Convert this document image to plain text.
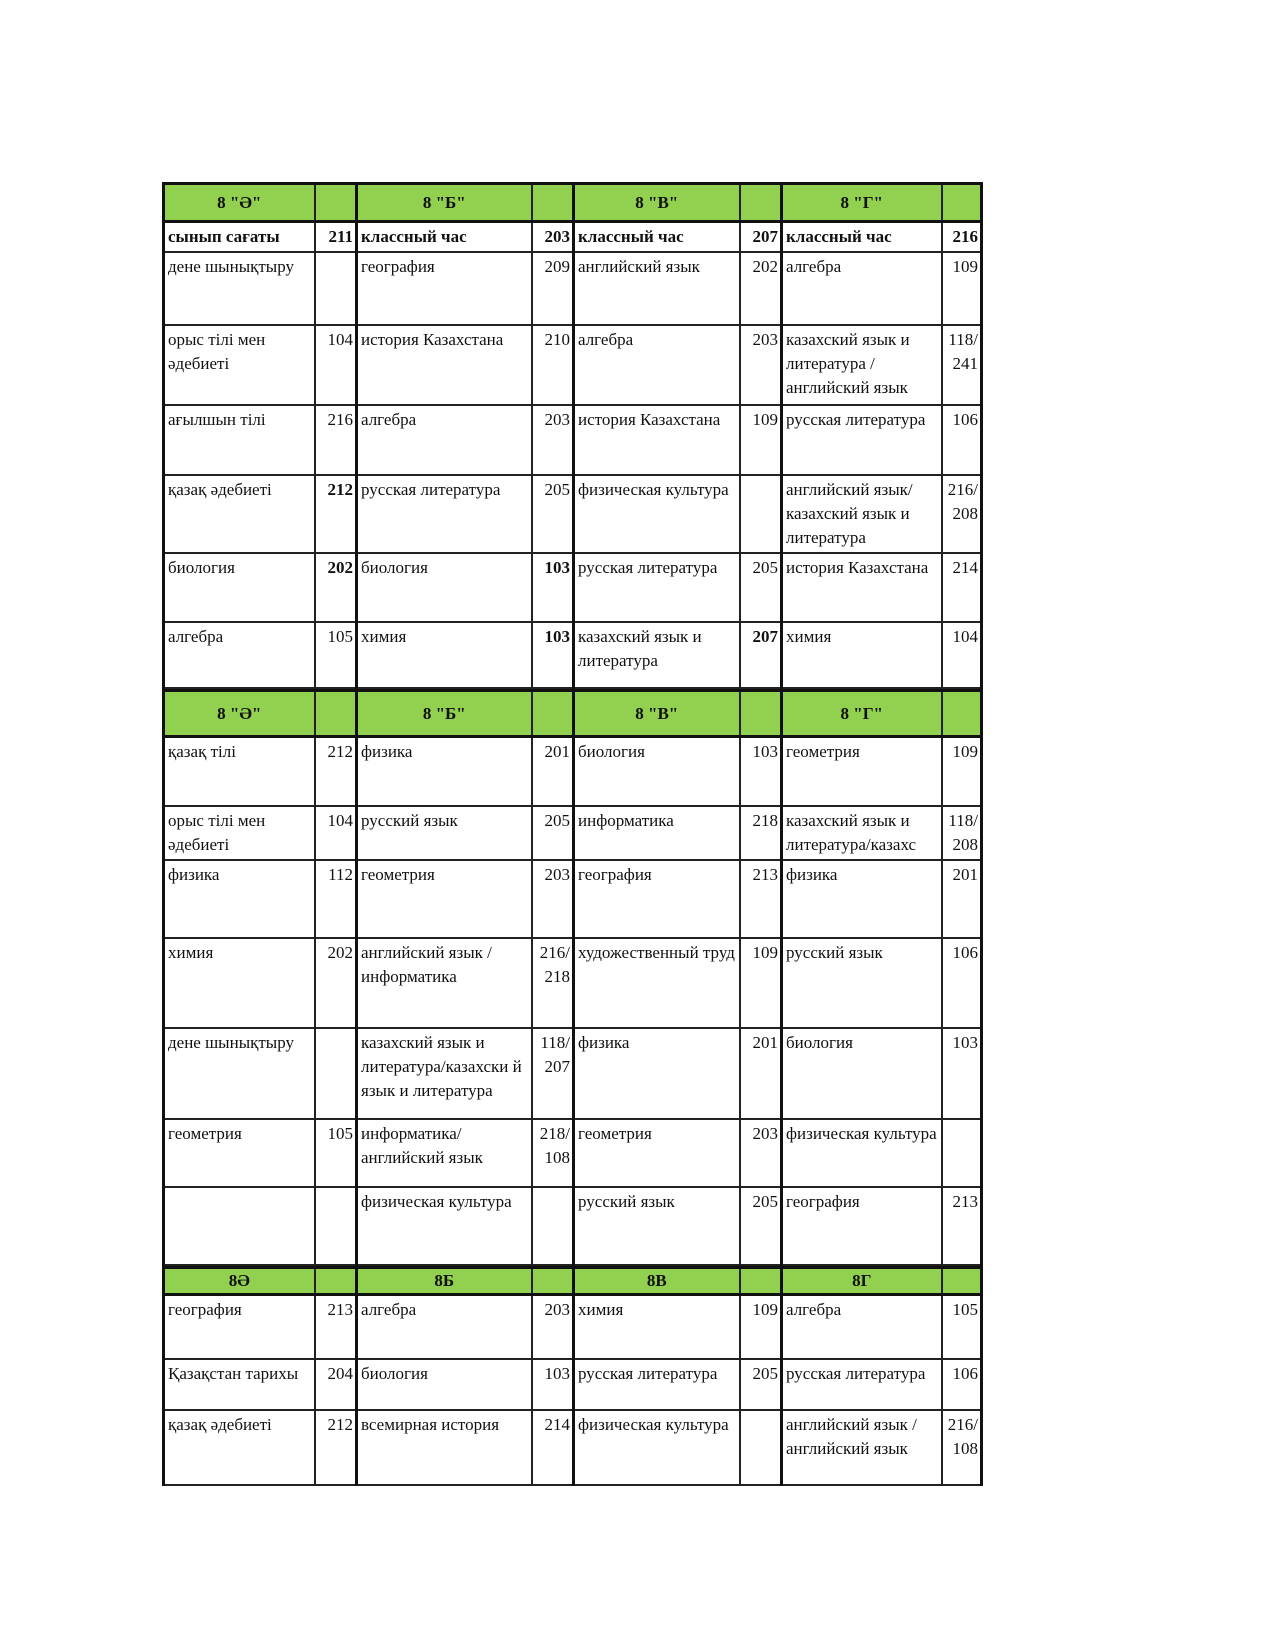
8 "Ә"		8 "Б"		8 "В"		8 "Г"	
сынып сағаты	211	классный час	203	классный час	207	классный час	216
дене шынықтыру		география	209	английский язык	202	алгебра	109
орыс тілі мен әдебиеті	104	история Казахстана	210	алгебра	203	казахский язык и литература / английский язык	118/ 241
ағылшын тілі	216	алгебра	203	история Казахстана	109	русская литература	106
қазақ әдебиеті	212	русская литература	205	физическая культура		английский язык/ казахский язык и литература	216/ 208
биология	202	биология	103	русская литература	205	история Казахстана	214
алгебра	105	химия	103	казахский язык и литература	207	химия	104
8 "Ә"		8 "Б"		8 "В"		8 "Г"	
қазақ тілі	212	физика	201	биология	103	геометрия	109
орыс тілі мен әдебиеті	104	русский язык	205	информатика	218	казахский язык и литература/казахс	118/ 208
физика	112	геометрия	203	география	213	физика	201
химия	202	английский язык / информатика	216/ 218	художественный труд	109	русский язык	106
дене шынықтыру		казахский язык и литература/казахски й язык и литература	118/ 207	физика	201	биология	103
геометрия	105	информатика/ английский язык	218/ 108	геометрия	203	физическая культура	
		физическая культура		русский язык	205	география	213
8Ә		8Б		8В		8Г	
география	213	алгебра	203	химия	109	алгебра	105
Қазақстан тарихы	204	биология	103	русская литература	205	русская литература	106
қазақ әдебиеті	212	всемирная история	214	физическая культура		английский язык / английский язык	216/ 108
